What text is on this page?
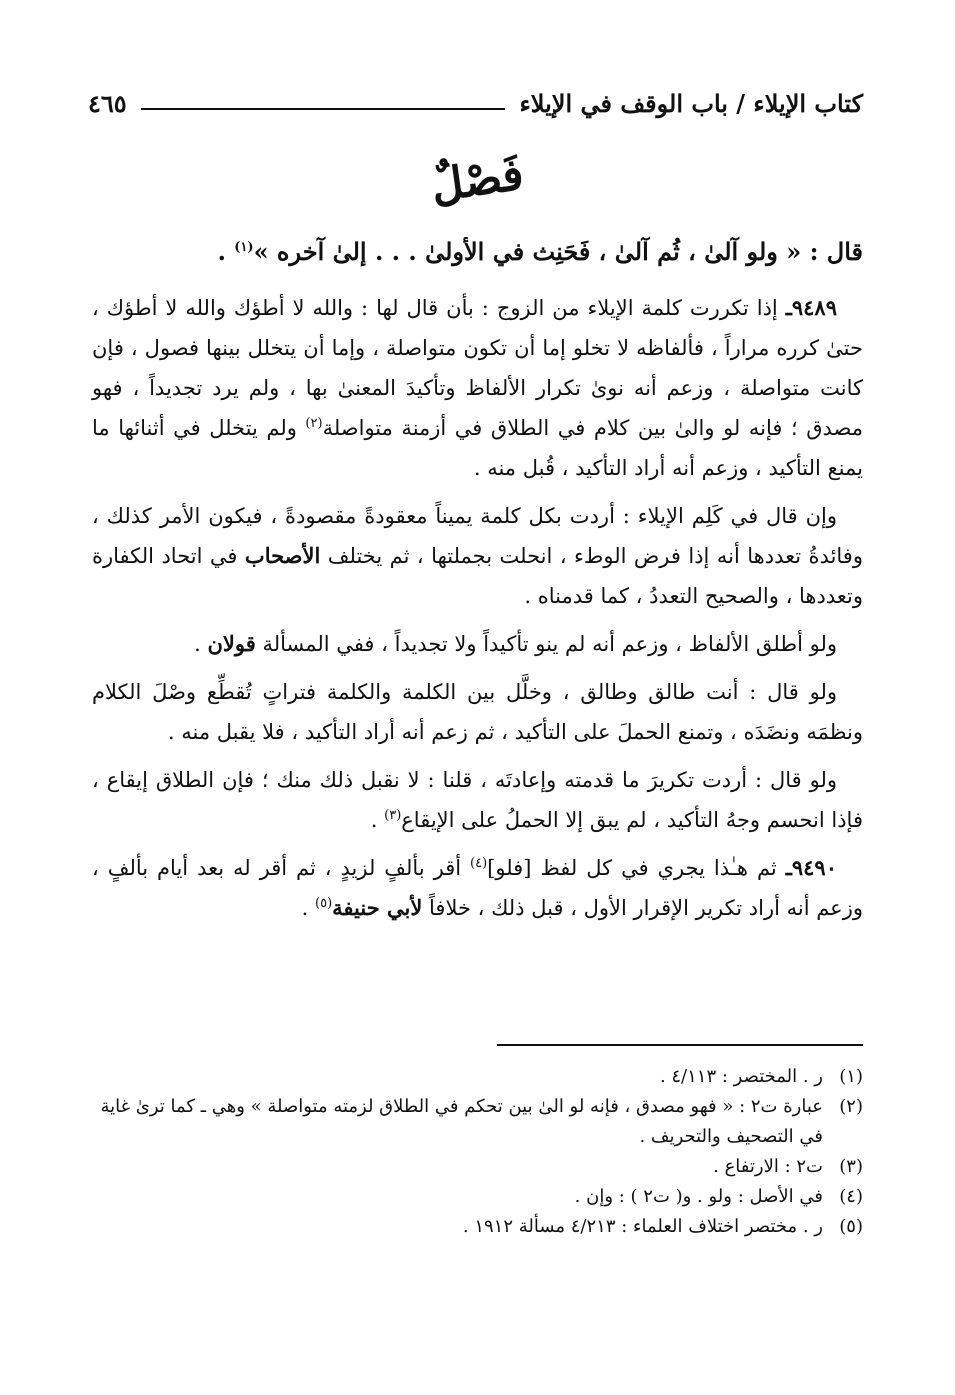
كتاب الإيلاء / باب الوقف في الإيلاء
٤٦٥
فَصْلٌ
قال : « ولو آلىٰ ، ثُم آلىٰ ، فَحَنِث في الأولىٰ . . . إلىٰ آخره »$^{(١)}$ .

٩٤٨٩ـ إذا تكررت كلمة الإيلاء من الزوج : بأن قال لها : والله لا أطؤك والله لا أطؤك ، حتىٰ كرره مراراً ، فألفاظه لا تخلو إما أن تكون متواصلة ، وإما أن يتخلل بينها فصول ، فإن كانت متواصلة ، وزعم أنه نوىٰ تكرار الألفاظ وتأكيدَ المعنىٰ بها ، ولم يرد تجديداً ، فهو مصدق ؛ فإنه لو والىٰ بين كلام في الطلاق في أزمنة متواصلة$^{(٢)}$ ولم يتخلل في أثنائها ما يمنع التأكيد ، وزعم أنه أراد التأكيد ، قُبل منه .

وإن قال في كَلِم الإيلاء : أردت بكل كلمة يميناً معقودةً مقصودةً ، فيكون الأمر كذلك ، وفائدةُ تعددها أنه إذا فرض الوطء ، انحلت بجملتها ، ثم يختلف الأصحاب في اتحاد الكفارة وتعددها ، والصحيح التعددُ ، كما قدمناه .

ولو أطلق الألفاظ ، وزعم أنه لم ينو تأكيداً ولا تجديداً ، ففي المسألة قولان .

ولو قال : أنت طالق وطالق ، وخلَّل بين الكلمة والكلمة فتراتٍ تُقطِّع وصْلَ الكلام ونظمَه ونضَدَه ، وتمنع الحملَ على التأكيد ، ثم زعم أنه أراد التأكيد ، فلا يقبل منه .

ولو قال : أردت تكريرَ ما قدمته وإعادتَه ، قلنا : لا نقبل ذلك منك ؛ فإن الطلاق إيقاع ، فإذا انحسم وجهُ التأكيد ، لم يبق إلا الحملُ على الإيقاع$^{(٣)}$ .

٩٤٩٠ـ ثم هـٰذا يجري في كل لفظ [فلو]$^{(٤)}$ أقر بألفٍ لزيدٍ ، ثم أقر له بعد أيام بألفٍ ، وزعم أنه أراد تكرير الإقرار الأول ، قبل ذلك ، خلافاً لأبي حنيفة$^{(٥)}$ .

(١)
ر . المختصر : ٤/١١٣ .
(٢)
عبارة ت٢ : « فهو مصدق ، فإنه لو الىٰ بين تحكم في الطلاق لزمته متواصلة » وهي ـ كما ترىٰ غاية في التصحيف والتحريف .
(٣)
ت٢ : الارتفاع .
(٤)
في الأصل : ولو . و( ت٢ ) : وإن .
(٥)
ر . مختصر اختلاف العلماء : ٤/٢١٣ مسألة ١٩١٢ .
